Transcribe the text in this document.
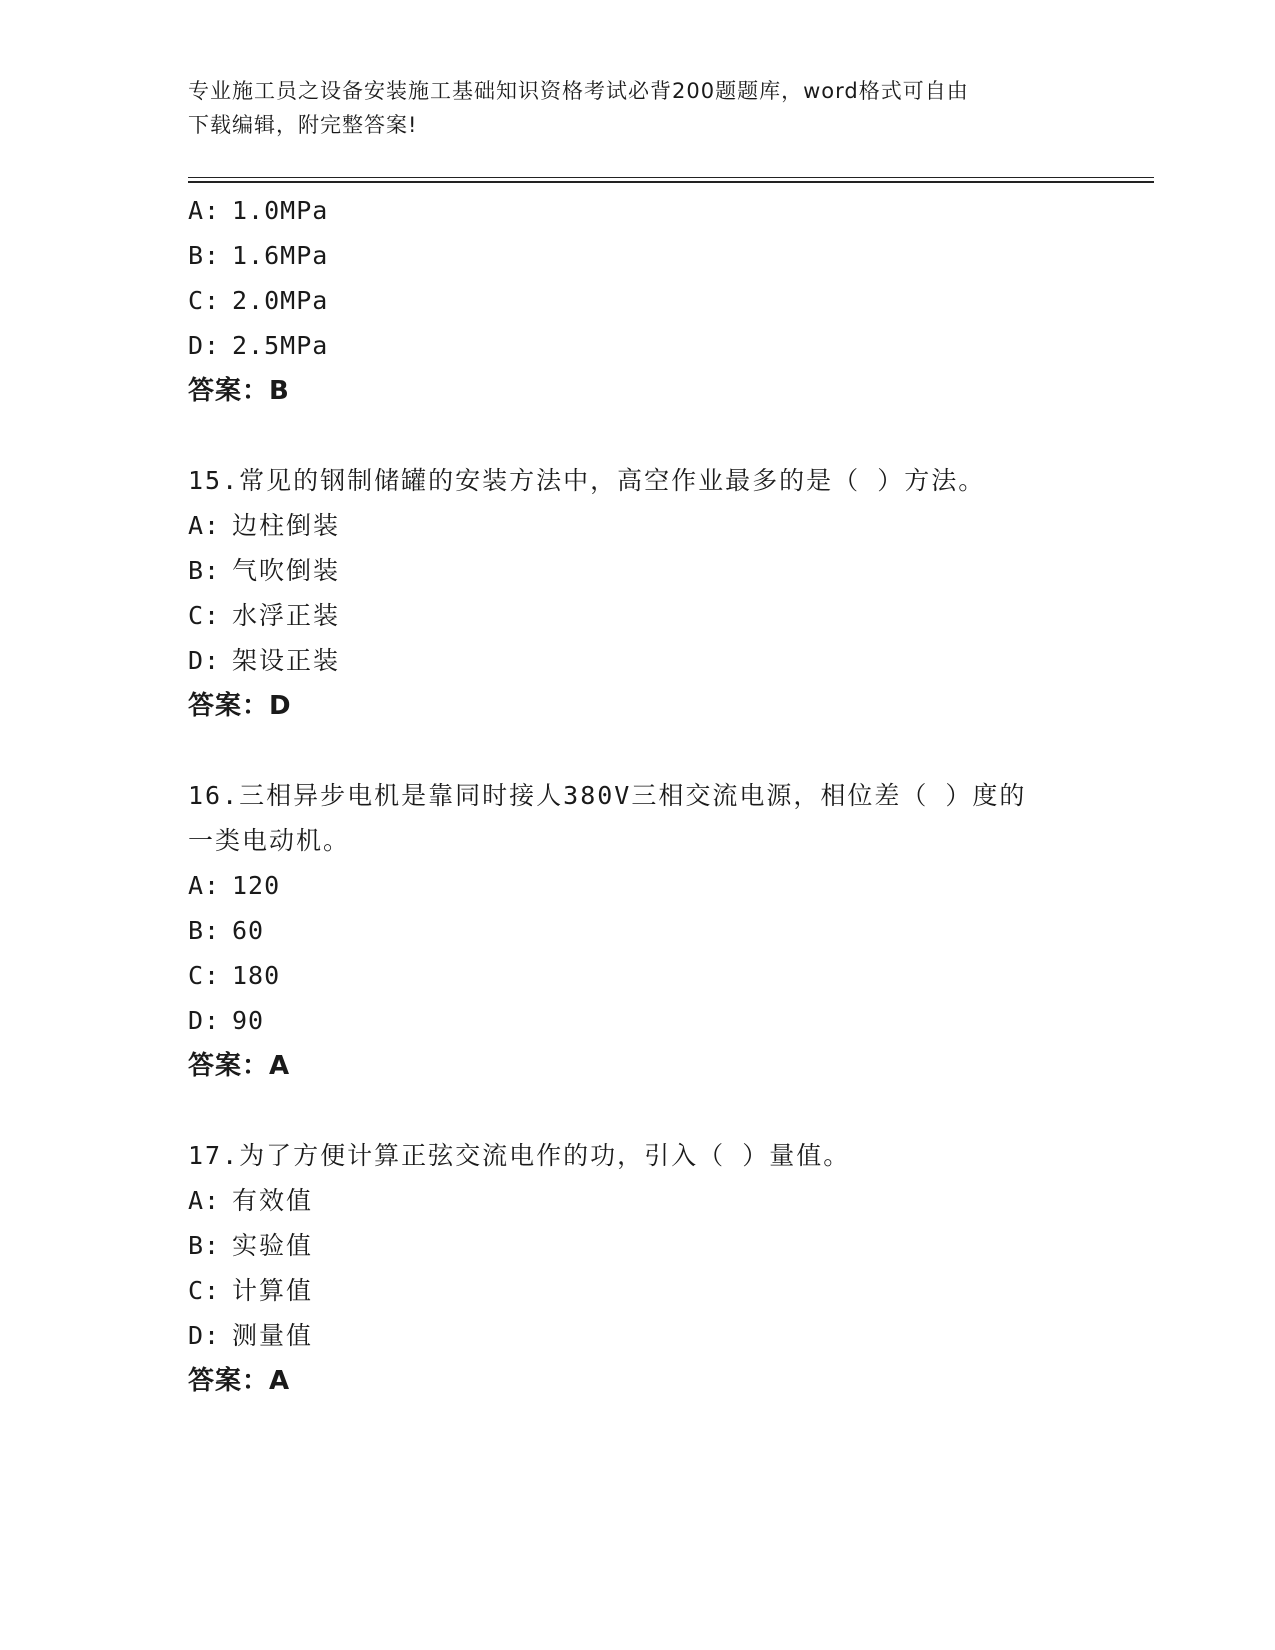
专业施工员之设备安装施工基础知识资格考试必背200题题库，word格式可自由
下载编辑，附完整答案!
A: 1.0MPa
B: 1.6MPa
C: 2.0MPa
D: 2.5MPa
答案：B
15.常见的钢制储罐的安装方法中，高空作业最多的是（ ）方法。
A: 边柱倒装
B: 气吹倒装
C: 水浮正装
D: 架设正装
答案：D
16.三相异步电机是靠同时接人380V三相交流电源，相位差（ ）度的
一类电动机。
A: 120
B: 60
C: 180
D: 90
答案：A
17.为了方便计算正弦交流电作的功，引入（ ）量值。
A: 有效值
B: 实验值
C: 计算值
D: 测量值
答案：A
